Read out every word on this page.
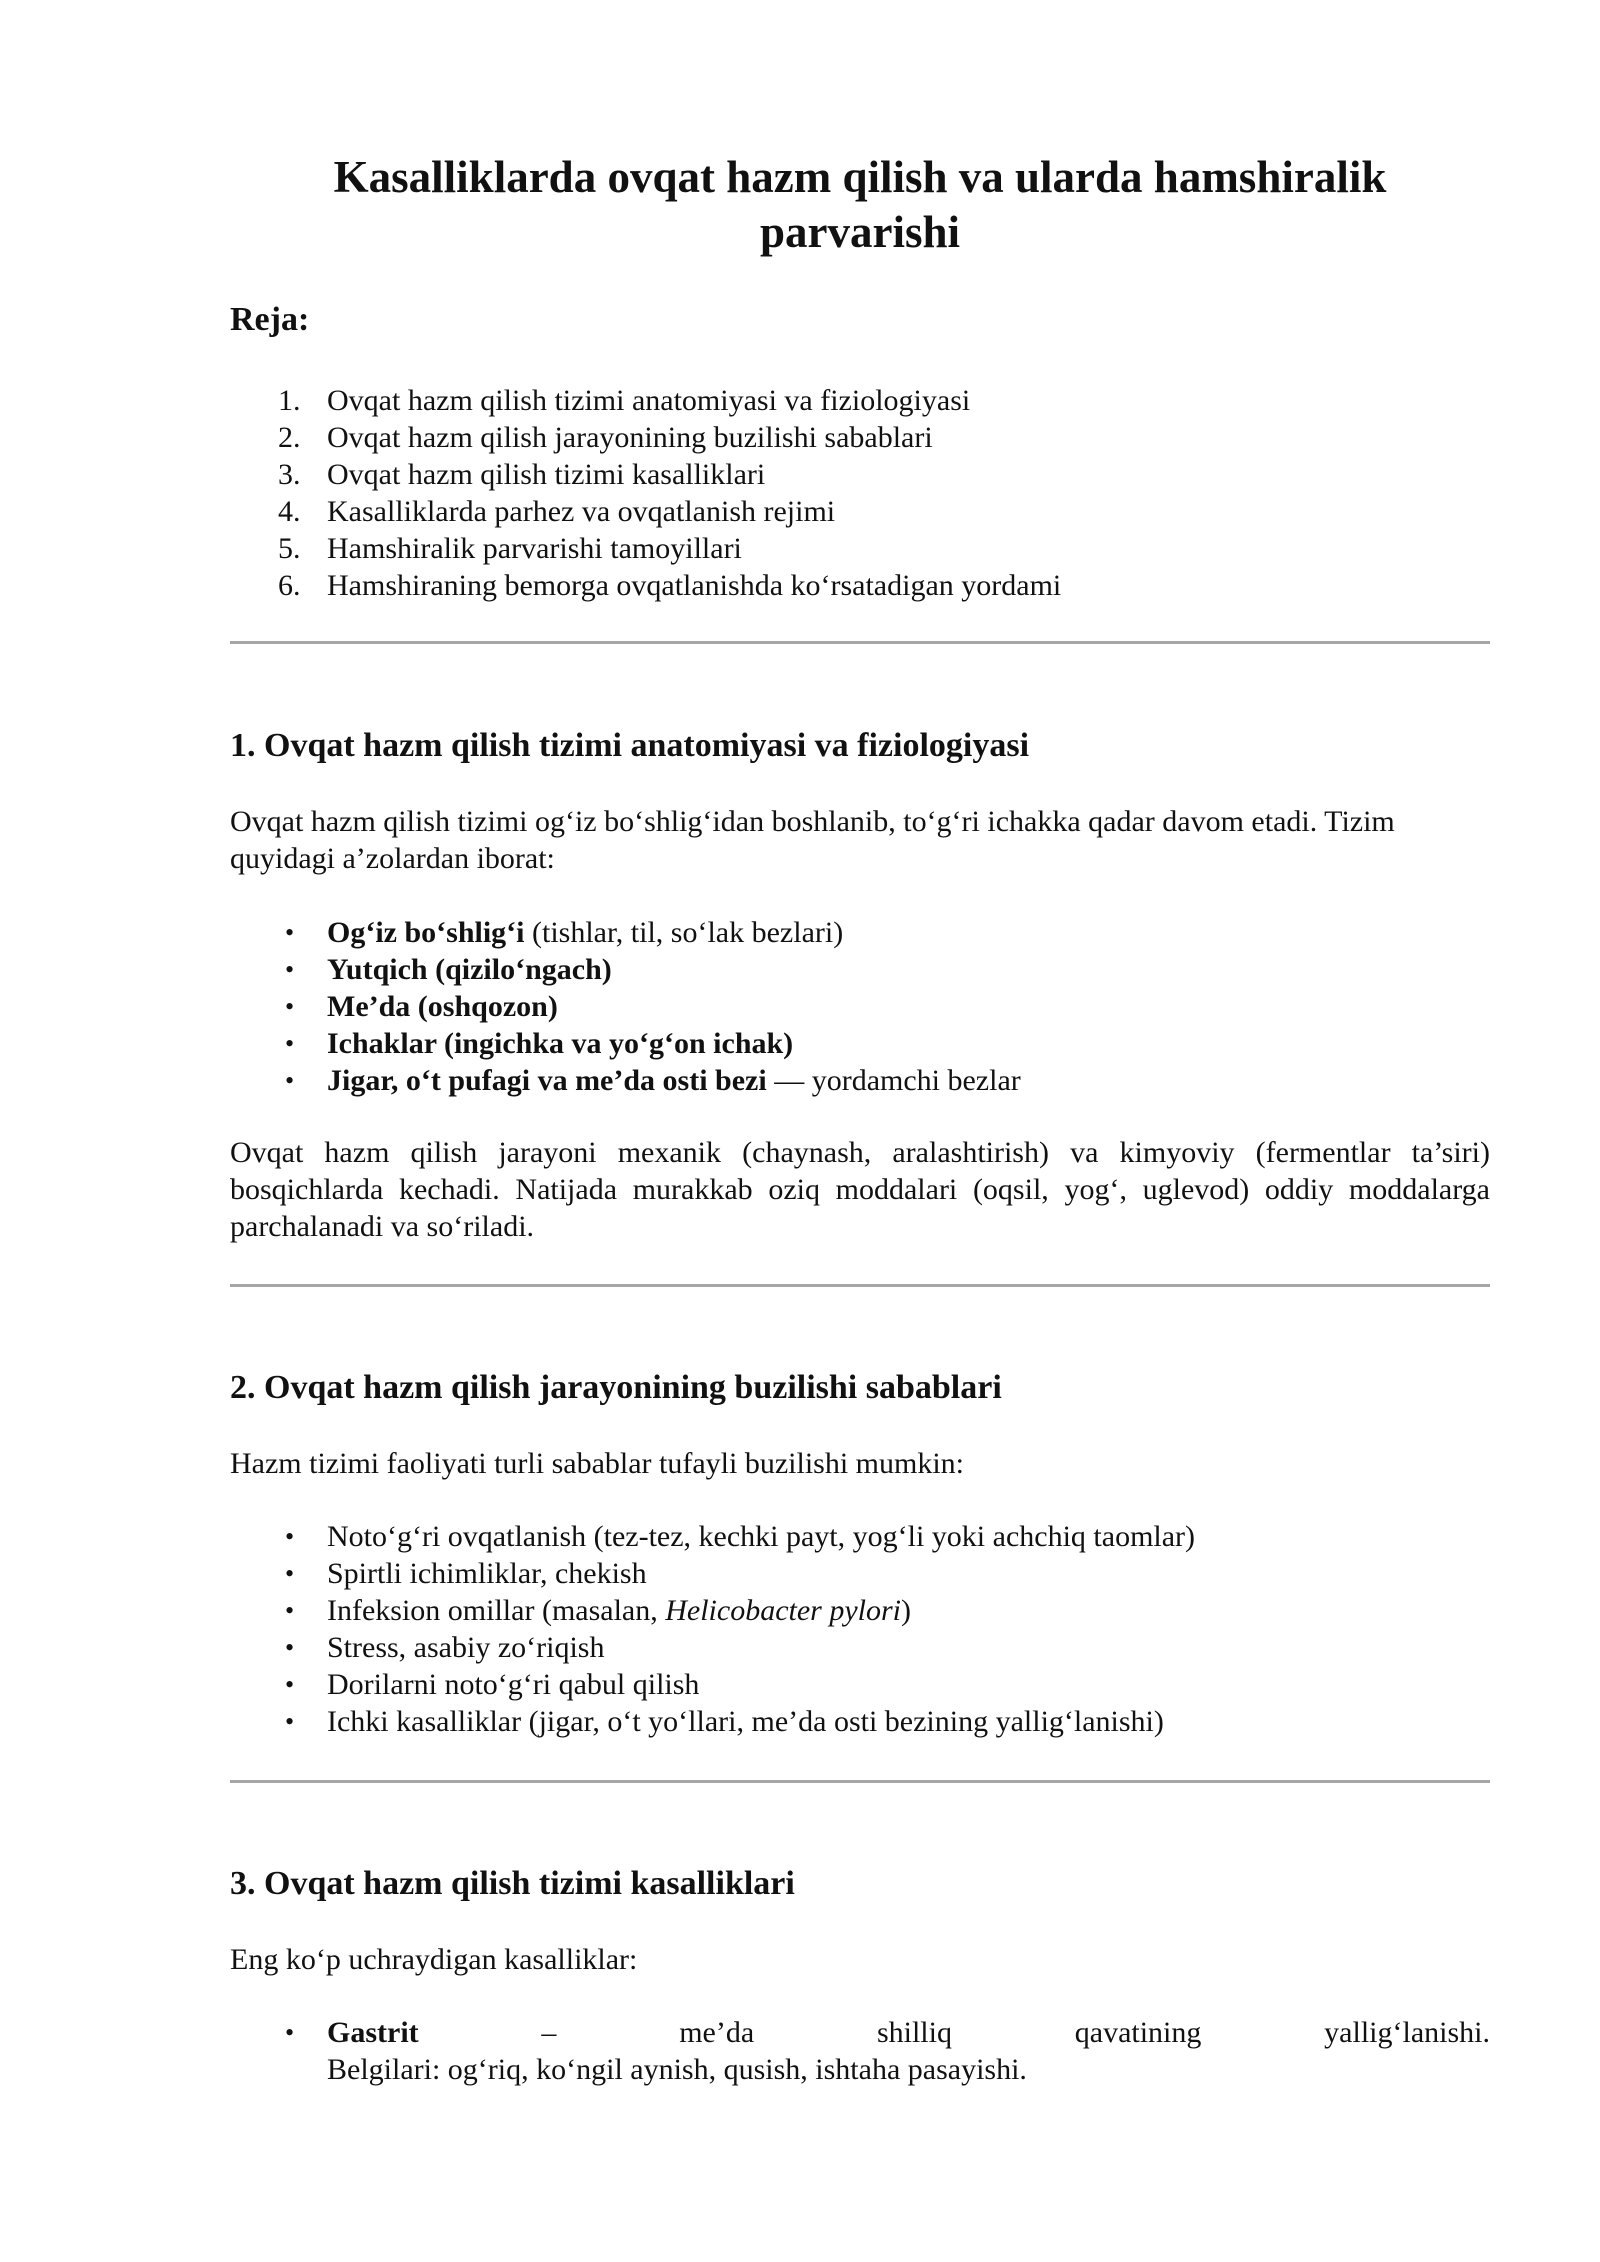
Kasalliklarda ovqat hazm qilish va ularda hamshiralik parvarishi
Reja:
1. Ovqat hazm qilish tizimi anatomiyasi va fiziologiyasi
2. Ovqat hazm qilish jarayonining buzilishi sabablari
3. Ovqat hazm qilish tizimi kasalliklari
4. Kasalliklarda parhez va ovqatlanish rejimi
5. Hamshiralik parvarishi tamoyillari
6. Hamshiraning bemorga ovqatlanishda ko‘rsatadigan yordami
1. Ovqat hazm qilish tizimi anatomiyasi va fiziologiyasi

Ovqat hazm qilish tizimi og‘iz bo‘shlig‘idan boshlanib, to‘g‘ri ichakka qadar davom etadi. Tizim quyidagi a’zolardan iborat:

• Og‘iz bo‘shlig‘i (tishlar, til, so‘lak bezlari)
• Yutqich (qizilo‘ngach)
• Me’da (oshqozon)
• Ichaklar (ingichka va yo‘g‘on ichak)
• Jigar, o‘t pufagi va me’da osti bezi — yordamchi bezlar

Ovqat hazm qilish jarayoni mexanik (chaynash, aralashtirish) va kimyoviy (fermentlar ta’siri) bosqichlarda kechadi. Natijada murakkab oziq moddalari (oqsil, yog‘, uglevod) oddiy moddalarga parchalanadi va so‘riladi.

2. Ovqat hazm qilish jarayonining buzilishi sabablari

Hazm tizimi faoliyati turli sabablar tufayli buzilishi mumkin:

• Noto‘g‘ri ovqatlanish (tez-tez, kechki payt, yog‘li yoki achchiq taomlar)
• Spirtli ichimliklar, chekish
• Infeksion omillar (masalan, Helicobacter pylori)
• Stress, asabiy zo‘riqish
• Dorilarni noto‘g‘ri qabul qilish
• Ichki kasalliklar (jigar, o‘t yo‘llari, me’da osti bezining yallig‘lanishi)
3. Ovqat hazm qilish tizimi kasalliklari

Eng ko‘p uchraydigan kasalliklar:

• Gastrit	–	me’da	shilliq	qavatining	yallig‘lanishi.
Belgilari: og‘riq, ko‘ngil aynish, qusish, ishtaha pasayishi.
